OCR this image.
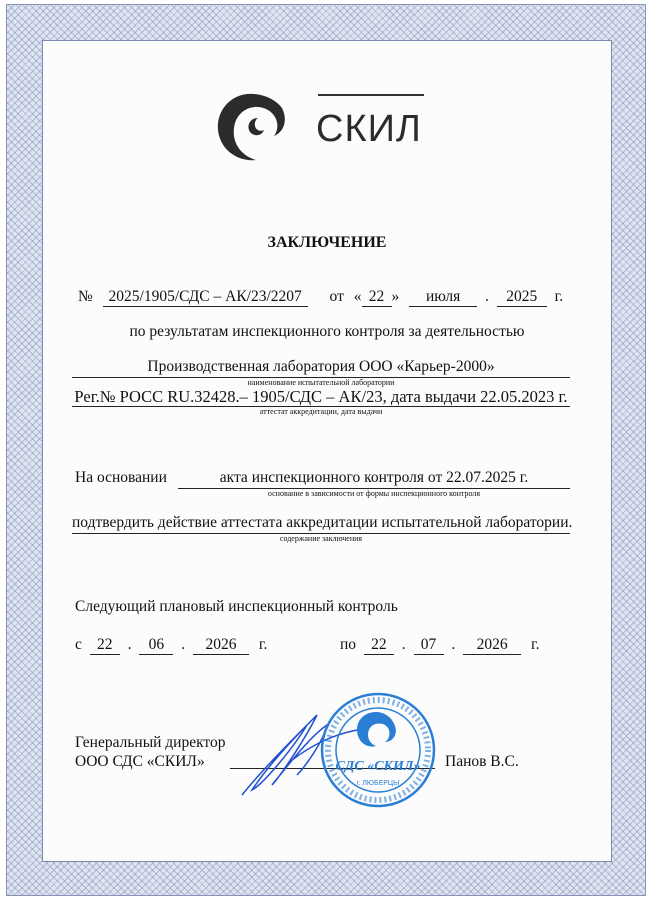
СКИЛ
ЗАКЛЮЧЕНИЕ
№ 2025/1905/СДС – АК/23/2207 от « 22 » июля . 2025 г.
по результатам инспекционного контроля за деятельностью
Производственная лаборатория ООО «Карьер-2000»
наименование испытательной лаборатории
Рег.№ РОСС RU.32428.– 1905/СДС – АК/23, дата выдачи 22.05.2023 г.
аттестат аккредитации, дата выдачи
На основании	акта инспекционного контроля от 22.07.2025 г.
основание в зависимости от формы инспекционного контроля
подтвердить действие аттестата аккредитации испытательной лаборатории.
содержание заключения
Следующий плановый инспекционный контроль
с 22 . 06 . 2026 г.	по 22 . 07 . 2026 г.
Генеральный директор
ООО СДС «СКИЛ»	Панов В.С.
СДС «СКИЛ»
г. ЛЮБЕРЦЫ
